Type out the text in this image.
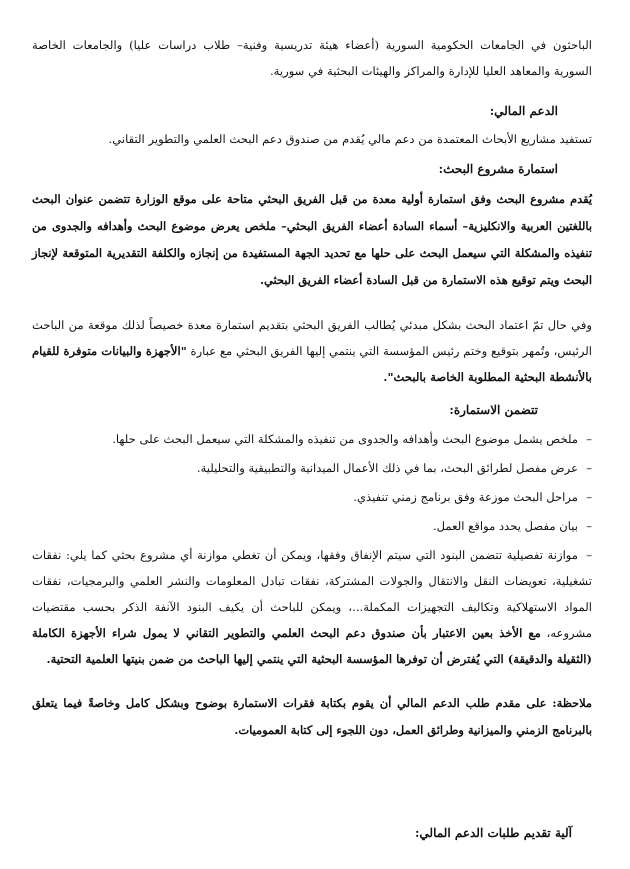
الباحثون في الجامعات الحكومية السورية (أعضاء هيئة تدريسية وفنية– طلاب دراسات عليا) والجامعات الخاصة السورية والمعاهد العليا للإدارة والمراكز والهيئات البحثية في سورية.

الدعم المالي:

تستفيد مشاريع الأبحاث المعتمدة من دعم مالي يُقدم من صندوق دعم البحث العلمي والتطوير التقاني.

استمارة مشروع البحث:

يُقدم مشروع البحث وفق استمارة أولية معدة من قبل الفريق البحثي متاحة على موقع الوزارة تتضمن عنوان البحث باللغتين العربية والانكليزية– أسماء السادة أعضاء الفريق البحثي– ملخص يعرض موضوع البحث وأهدافه والجدوى من تنفيذه والمشكلة التي سيعمل البحث على حلها مع تحديد الجهة المستفيدة من إنجازه والكلفة التقديرية المتوقعة لإنجاز البحث ويتم توقيع هذه الاستمارة من قبل السادة أعضاء الفريق البحثي.

وفي حال تمّ اعتماد البحث بشكل مبدئي يُطالب الفريق البحثي بتقديم استمارة معدة خصيصاً لذلك موقعة من الباحث الرئيس، وتُمهر بتوقيع وختم رئيس المؤسسة التي ينتمي إليها الفريق البحثي مع عبارة "الأجهزة والبيانات متوفرة للقيام بالأنشطة البحثية المطلوبة الخاصة بالبحث".

تتضمن الاستمارة:

–ملخص يشمل موضوع البحث وأهدافه والجدوى من تنفيذه والمشكلة التي سيعمل البحث على حلها.

–عرض مفصل لطرائق البحث، بما في ذلك الأعمال الميدانية والتطبيقية والتحليلية.

–مراحل البحث موزعة وفق برنامج زمني تنفيذي.

–بيان مفصل يحدد مواقع العمل.

–موازنة تفصيلية تتضمن البنود التي سيتم الإنفاق وفقها، ويمكن أن تغطي موازنة أي مشروع بحثي كما يلي: نفقات تشغيلية، تعويضات النقل والانتقال والجولات المشتركة، نفقات تبادل المعلومات والنشر العلمي والبرمجيات، نفقات المواد الاستهلاكية وتكاليف التجهيزات المكملة...، ويمكن للباحث أن يكيف البنود الآنفة الذكر بحسب مقتضيات مشروعه، مع الأخذ بعين الاعتبار بأن صندوق دعم البحث العلمي والتطوير التقاني لا يمول شراء الأجهزة الكاملة (الثقيلة والدقيقة) التي يُفترض أن توفرها المؤسسة البحثية التي ينتمي إليها الباحث من ضمن بنيتها العلمية التحتية.

ملاحظة: على مقدم طلب الدعم المالي أن يقوم بكتابة فقرات الاستمارة بوضوح وبشكل كامل وخاصةً فيما يتعلق بالبرنامج الزمني والميزانية وطرائق العمل، دون اللجوء إلى كتابة العموميات.

آلية تقديم طلبات الدعم المالي:
